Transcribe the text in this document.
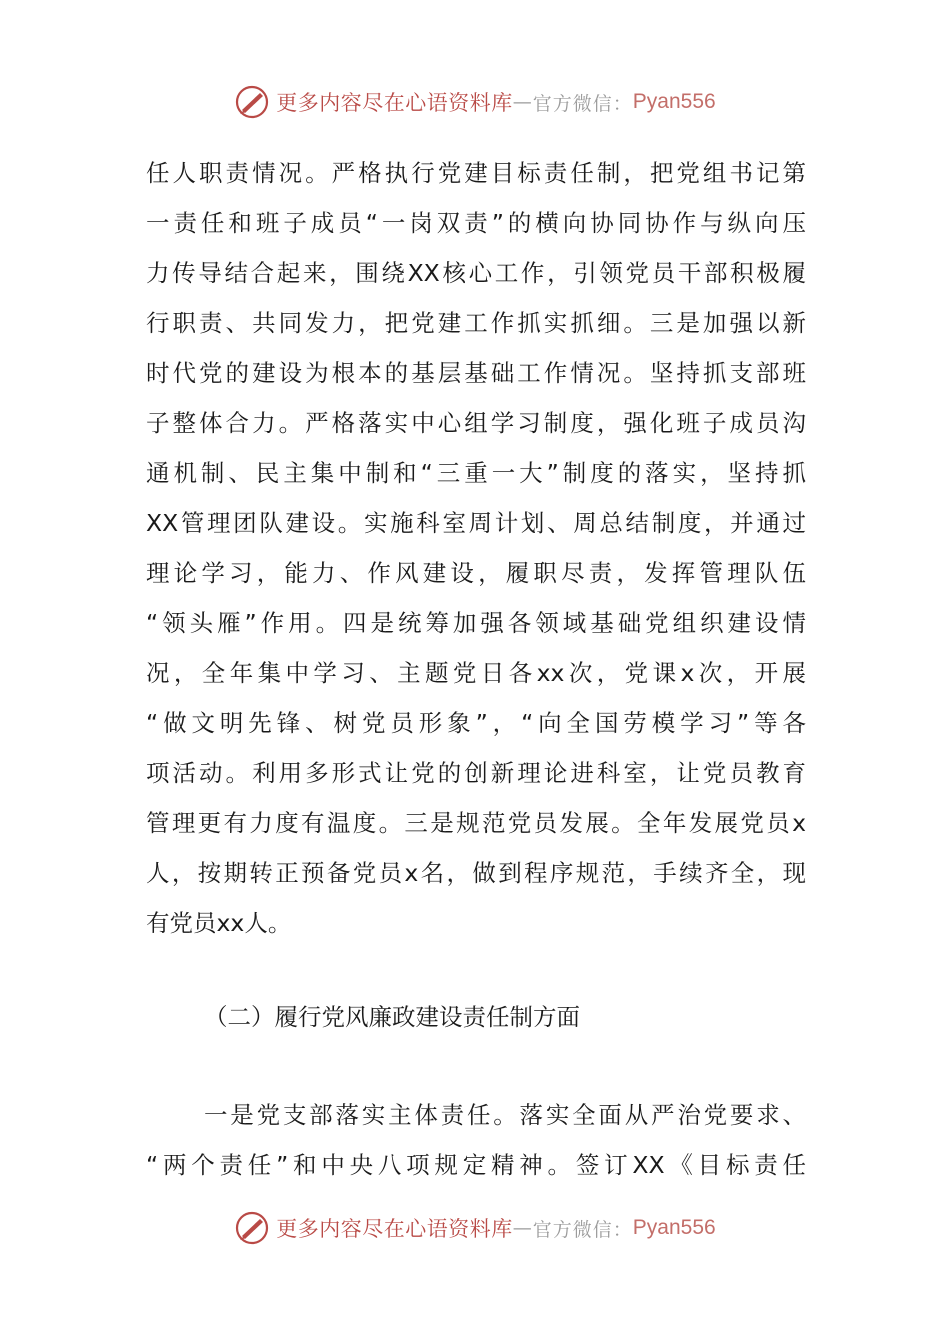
更多内容尽在心语资料库 — 官方微信： Pyan556
任人职责情况。严格执行党建目标责任制，把党组书记第
一责任和班子成员“一岗双责”的横向协同协作与纵向压
力传导结合起来，围绕XX核心工作，引领党员干部积极履
行职责、共同发力，把党建工作抓实抓细。三是加强以新
时代党的建设为根本的基层基础工作情况。坚持抓支部班
子整体合力。严格落实中心组学习制度，强化班子成员沟
通机制、民主集中制和“三重一大”制度的落实，坚持抓
XX管理团队建设。实施科室周计划、周总结制度，并通过
理论学习，能力、作风建设，履职尽责，发挥管理队伍
“领头雁”作用。四是统筹加强各领域基础党组织建设情
况，全年集中学习、主题党日各xx次，党课x次，开展
“做文明先锋、树党员形象”，“向全国劳模学习”等各
项活动。利用多形式让党的创新理论进科室，让党员教育
管理更有力度有温度。三是规范党员发展。全年发展党员x
人，按期转正预备党员x名，做到程序规范，手续齐全，现
有党员xx人。
（二）履行党风廉政建设责任制方面
一是党支部落实主体责任。落实全面从严治党要求、
“两个责任”和中央八项规定精神。签订XX《目标责任
更多内容尽在心语资料库 — 官方微信： Pyan556
